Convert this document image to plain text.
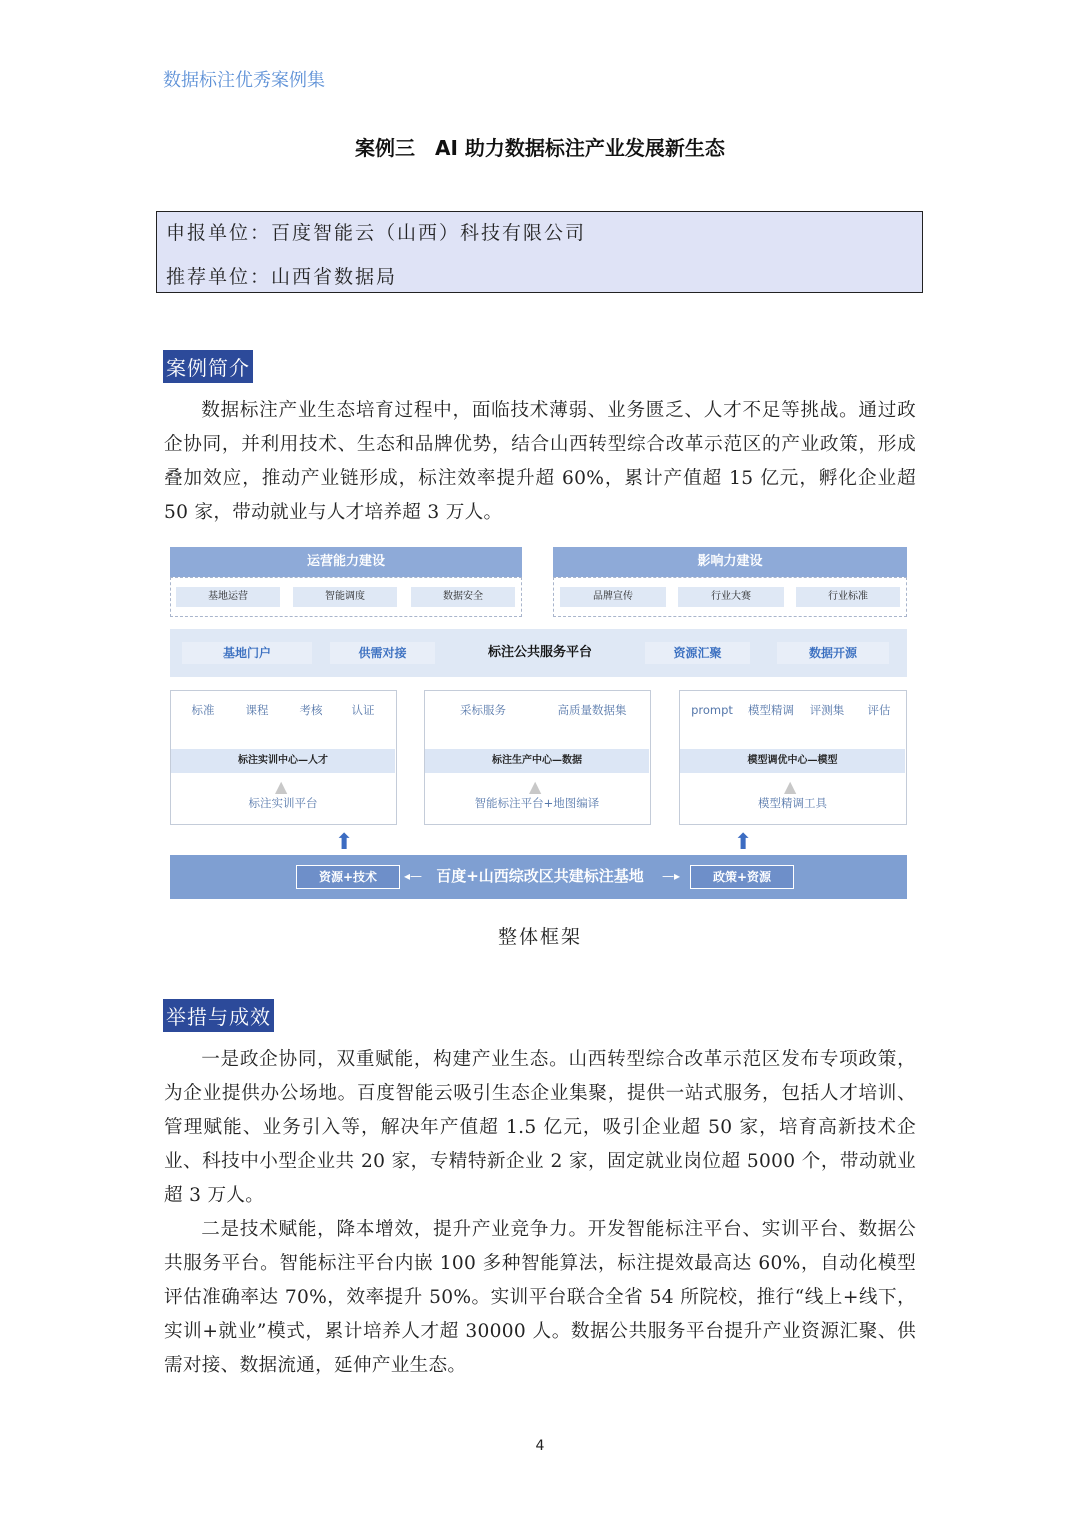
数据标注优秀案例集
案例三　AI 助力数据标注产业发展新生态
申报单位：百度智能云（山西）科技有限公司
推荐单位：山西省数据局
案例简介

数据标注产业生态培育过程中，面临技术薄弱、业务匮乏、人才不足等挑战。通过政企协同，并利用技术、生态和品牌优势，结合山西转型综合改革示范区的产业政策，形成叠加效应，推动产业链形成，标注效率提升超 60%，累计产值超 15 亿元，孵化企业超 50 家，带动就业与人才培养超 3 万人。

运营能力建设
基地运营	智能调度	数据安全
影响力建设
品牌宣传	行业大赛	行业标准
基地门户	供需对接	标注公共服务平台	资源汇聚	数据开源
标准	课程	考核	认证
标注实训中心—人才
▲
标注实训平台
采标服务	高质量数据集
标注生产中心—数据
▲
智能标注平台+地图编译
prompt	模型精调	评测集	评估
模型调优中心—模型
▲
模型精调工具
⬆	⬆
资源+技术	◂— 百度+山西综改区共建标注基地	—▸	政策+资源
整体框架
举措与成效

一是政企协同，双重赋能，构建产业生态。山西转型综合改革示范区发布专项政策，为企业提供办公场地。百度智能云吸引生态企业集聚，提供一站式服务，包括人才培训、管理赋能、业务引入等，解决年产值超 1.5 亿元，吸引企业超 50 家，培育高新技术企业、科技中小型企业共 20 家，专精特新企业 2 家，固定就业岗位超 5000 个，带动就业超 3 万人。

二是技术赋能，降本增效，提升产业竞争力。开发智能标注平台、实训平台、数据公共服务平台。智能标注平台内嵌 100 多种智能算法，标注提效最高达 60%，自动化模型评估准确率达 70%，效率提升 50%。实训平台联合全省 54 所院校，推行“线上+线下，实训+就业”模式，累计培养人才超 30000 人。数据公共服务平台提升产业资源汇聚、供需对接、数据流通，延伸产业生态。

4
